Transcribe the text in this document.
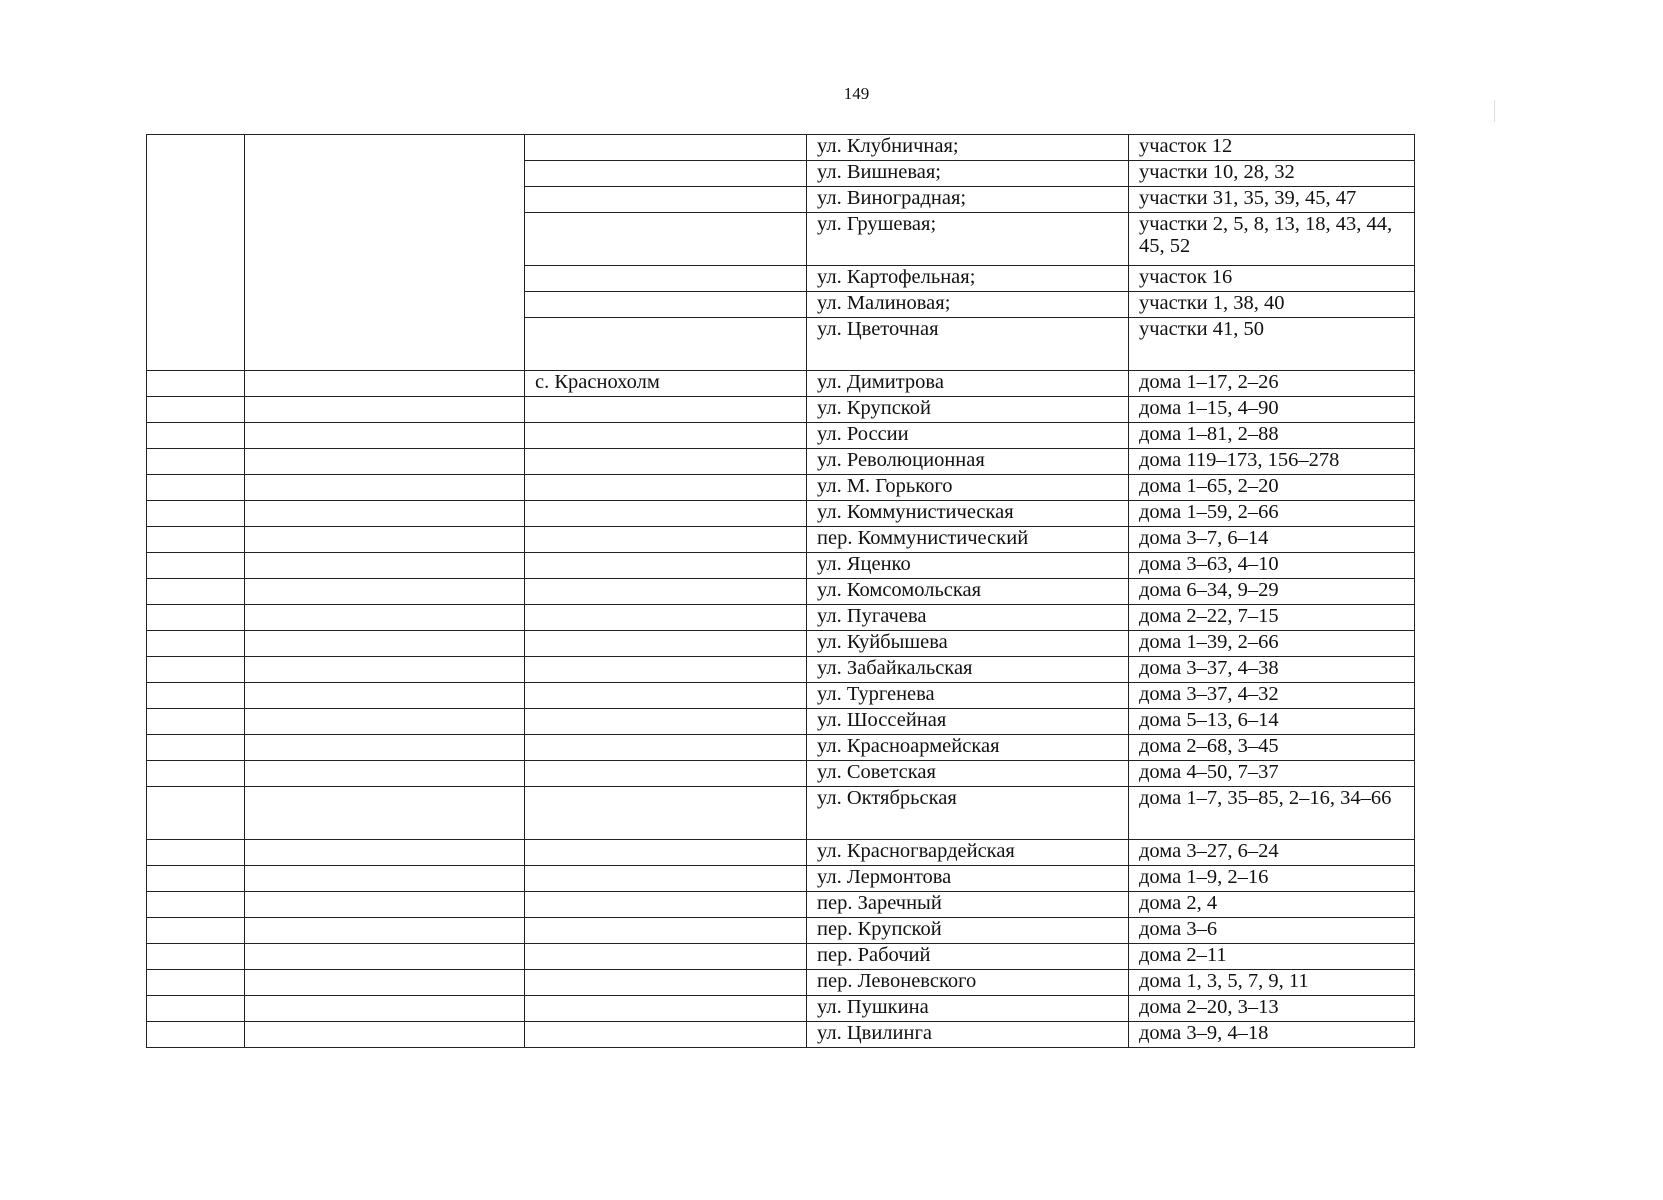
149
			ул. Клубничная;	участок 12
			ул. Вишневая;	участки 10, 28, 32
			ул. Виноградная;	участки 31, 35, 39, 45, 47
			ул. Грушевая;	участки 2, 5, 8, 13, 18, 43, 44, 45, 52
			ул. Картофельная;	участок 16
			ул. Малиновая;	участки 1, 38, 40
			ул. Цветочная	участки 41, 50
		с. Краснохолм	ул. Димитрова	дома 1–17, 2–26
			ул. Крупской	дома 1–15, 4–90
			ул. России	дома 1–81, 2–88
			ул. Революционная	дома 119–173, 156–278
			ул. М. Горького	дома 1–65, 2–20
			ул. Коммунистическая	дома 1–59, 2–66
			пер. Коммунистический	дома 3–7, 6–14
			ул. Яценко	дома 3–63, 4–10
			ул. Комсомольская	дома 6–34, 9–29
			ул. Пугачева	дома 2–22, 7–15
			ул. Куйбышева	дома 1–39, 2–66
			ул. Забайкальская	дома 3–37, 4–38
			ул. Тургенева	дома 3–37, 4–32
			ул. Шоссейная	дома 5–13, 6–14
			ул. Красноармейская	дома 2–68, 3–45
			ул. Советская	дома 4–50, 7–37
			ул. Октябрьская	дома 1–7, 35–85, 2–16, 34–66
			ул. Красногвардейская	дома 3–27, 6–24
			ул. Лермонтова	дома 1–9, 2–16
			пер. Заречный	дома 2, 4
			пер. Крупской	дома 3–6
			пер. Рабочий	дома 2–11
			пер. Левоневского	дома 1, 3, 5, 7, 9, 11
			ул. Пушкина	дома 2–20, 3–13
			ул. Цвилинга	дома 3–9, 4–18
